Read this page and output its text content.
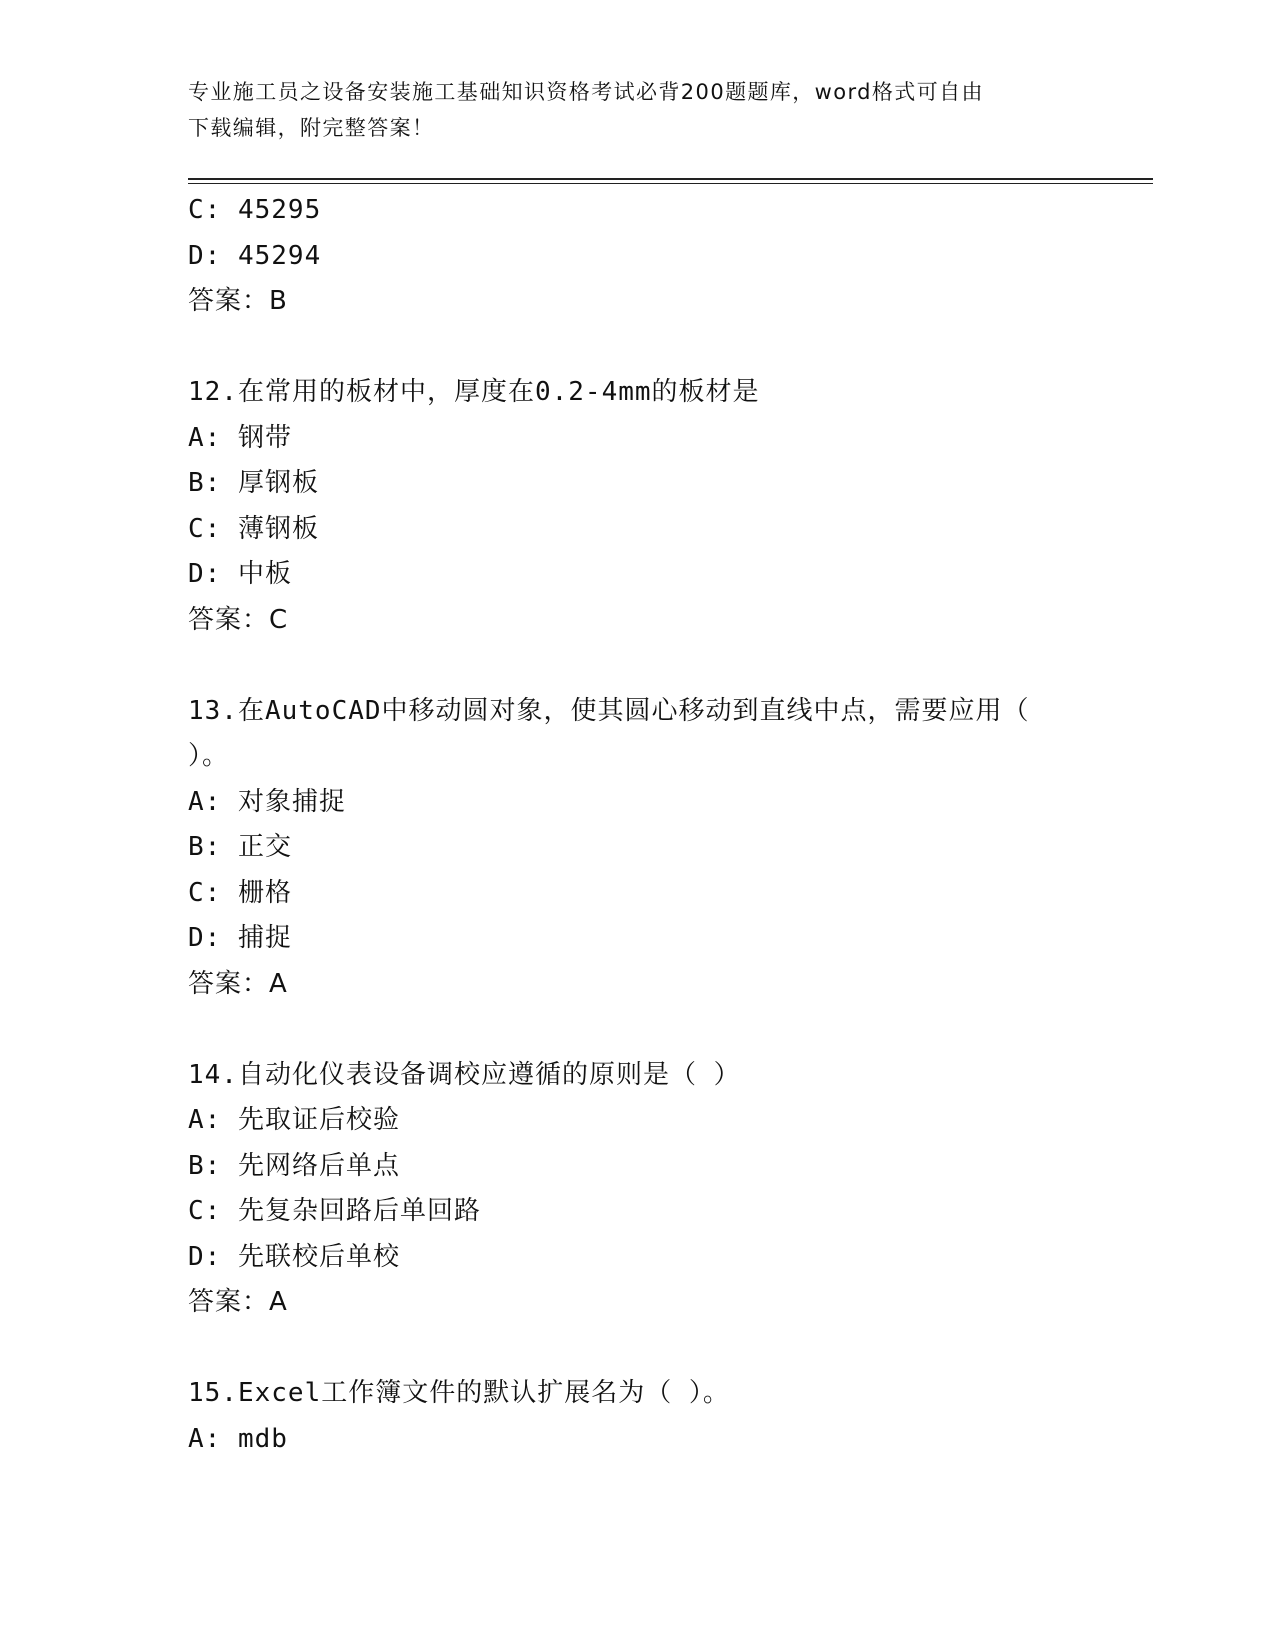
专业施工员之设备安装施工基础知识资格考试必背200题题库，word格式可自由
下载编辑，附完整答案！
C: 45295
D: 45294
答案：B
12.在常用的板材中，厚度在0.2-4mm的板材是
A: 钢带
B: 厚钢板
C: 薄钢板
D: 中板
答案：C
13.在AutoCAD中移动圆对象，使其圆心移动到直线中点，需要应用（
）。
A: 对象捕捉
B: 正交
C: 栅格
D: 捕捉
答案：A
14.自动化仪表设备调校应遵循的原则是（ ）
A: 先取证后校验
B: 先网络后单点
C: 先复杂回路后单回路
D: 先联校后单校
答案：A
15.Excel工作簿文件的默认扩展名为（ ）。
A: mdb
